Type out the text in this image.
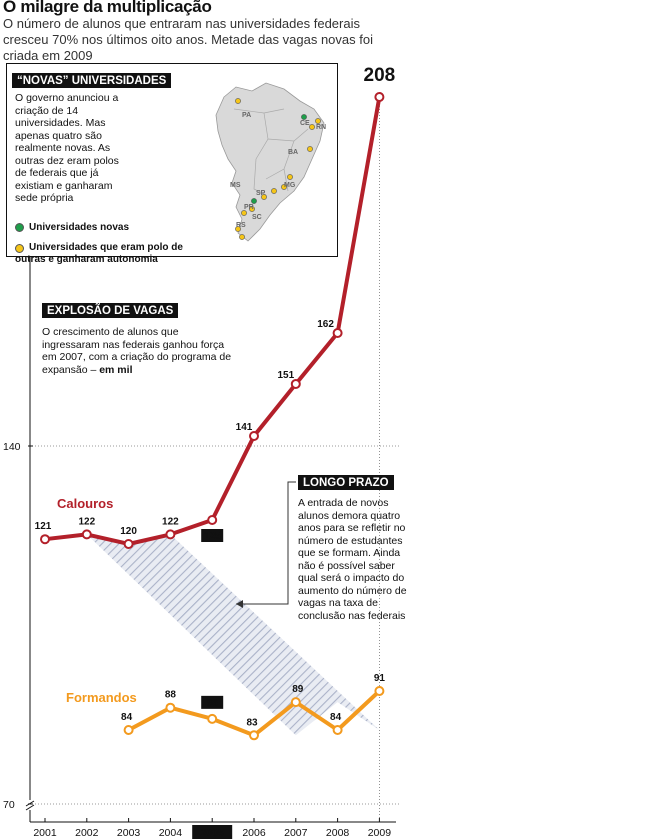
O milagre da multiplicação
O número de alunos que entraram nas universidades federais cresceu 70% nos últimos oito anos. Metade das vagas novas foi criada em 2009
121	122
120
122
125
141
151
162
208
84
88
86
83
89
84
91
70
140
2001 2002 2003 2004 2005 2006 2007 2008 2009
Calouros
Formandos
“NOVAS” UNIVERSIDADES
O governo anunciou a criação de 14 universidades. Mas apenas quatro são realmente novas. As outras dez eram polos de federais que já existiam e ganharam sede própria
Universidades novas
Universidades que eram polo de outras e ganharam autonomia
PA
CE
RN
BA
MS	MG
SP
PR
SC
RS
EXPLOSÃO DE VAGAS
O crescimento de alunos que ingressaram nas federais ganhou força em 2007, com a criação do programa de expansão – em mil
LONGO PRAZO
A entrada de novos alunos demora quatro anos para se refletir no número de estudantes que se formam. Ainda não é possível saber qual será o impacto do aumento do número de vagas na taxa de conclusão nas federais
